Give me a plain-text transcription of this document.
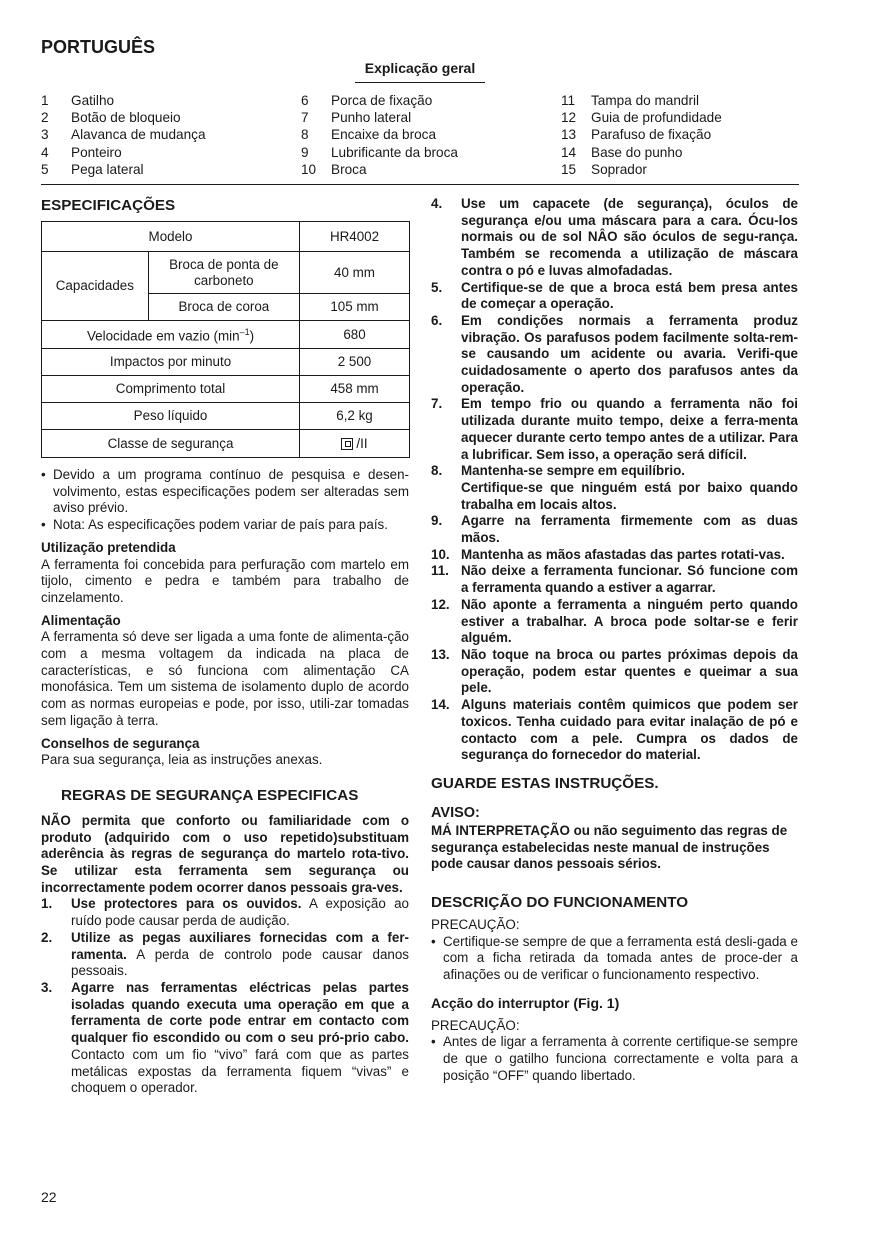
PORTUGUÊS
Explicação geral
1	Gatilho
2	Botão de bloqueio
3	Alavanca de mudança
4	Ponteiro
5	Pega lateral
6	Porca de fixação
7	Punho lateral
8	Encaixe da broca
9	Lubrificante da broca
10	Broca
11	Tampa do mandril
12	Guia de profundidade
13	Parafuso de fixação
14	Base do punho
15	Soprador
ESPECIFICAÇÕES
Modelo		HR4002
Capacidades	Broca de ponta de carboneto	40 mm
	Broca de coroa	105 mm
Velocidade em vazio $(\min^{-1})$		680
Impactos por minuto		2 500
Comprimento total		458 mm
Peso líquido		6,2 kg
Classe de segurança		/II
• Devido a um programa contínuo de pesquisa e desen-volvimento, estas especificações podem ser alteradas sem aviso prévio.
• Nota: As especificações podem variar de país para país.
Utilização pretendida

A ferramenta foi concebida para perfuração com martelo em tijolo, cimento e pedra e também para trabalho de cinzelamento.

Alimentação

A ferramenta só deve ser ligada a uma fonte de alimenta-ção com a mesma voltagem da indicada na placa de características, e só funciona com alimentação CA monofásica. Tem um sistema de isolamento duplo de acordo com as normas europeias e pode, por isso, utili-zar tomadas sem ligação à terra.

Conselhos de segurança

Para sua segurança, leia as instruções anexas.

REGRAS DE SEGURANÇA ESPECIFICAS

NÃO permita que conforto ou familiaridade com o produto (adquirido com o uso repetido)substituam aderência às regras de segurança do martelo rota-tivo. Se utilizar esta ferramenta sem segurança ou incorrectamente podem ocorrer danos pessoais gra-ves.

1. Use protectores para os ouvidos. A exposição ao ruído pode causar perda de audição.
2. Utilize as pegas auxiliares fornecidas com a fer-ramenta. A perda de controlo pode causar danos pessoais.
3. Agarre nas ferramentas eléctricas pelas partes isoladas quando executa uma operação em que a ferramenta de corte pode entrar em contacto com qualquer fio escondido ou com o seu pró-prio cabo. Contacto com um fio “vivo” fará com que as partes metálicas expostas da ferramenta fiquem “vivas” e choquem o operador.
4. Use um capacete (de segurança), óculos de segurança e/ou uma máscara para a cara. Ócu-los normais ou de sol NÂO são óculos de segu-rança. Também se recomenda a utilização de máscara contra o pó e luvas almofadadas.
5. Certifique-se de que a broca está bem presa antes de começar a operação.
6. Em condições normais a ferramenta produz vibração. Os parafusos podem facilmente solta-rem-se causando um acidente ou avaria. Verifi-que cuidadosamente o aperto dos parafusos antes da operação.
7. Em tempo frio ou quando a ferramenta não foi utilizada durante muito tempo, deixe a ferra-menta aquecer durante certo tempo antes de a utilizar. Para a lubrificar. Sem isso, a operação será difícil.
8. Mantenha-se sempre em equilíbrio.
Certifique-se que ninguém está por baixo quando trabalha em locais altos.
9. Agarre na ferramenta firmemente com as duas mãos.
10. Mantenha as mãos afastadas das partes rotati-vas.
11. Não deixe a ferramenta funcionar. Só funcione com a ferramenta quando a estiver a agarrar.
12. Não aponte a ferramenta a ninguém perto quando estiver a trabalhar. A broca pode soltar-se e ferir alguém.
13. Não toque na broca ou partes próximas depois da operação, podem estar quentes e queimar a sua pele.
14. Alguns materiais contêm quimicos que podem ser toxicos. Tenha cuidado para evitar inalação de pó e contacto com a pele. Cumpra os dados de segurança do fornecedor do material.
GUARDE ESTAS INSTRUÇÕES.
AVISO:

MÁ INTERPRETAÇÃO ou não seguimento das regras de segurança estabelecidas neste manual de instruções pode causar danos pessoais sérios.

DESCRIÇÃO DO FUNCIONAMENTO
PRECAUÇÃO:
• Certifique-se sempre de que a ferramenta está desli-gada e com a ficha retirada da tomada antes de proce-der a afinações ou de verificar o funcionamento respectivo.
Acção do interruptor (Fig. 1)
PRECAUÇÃO:
• Antes de ligar a ferramenta à corrente certifique-se sempre de que o gatilho funciona correctamente e volta para a posição “OFF” quando libertado.
22
